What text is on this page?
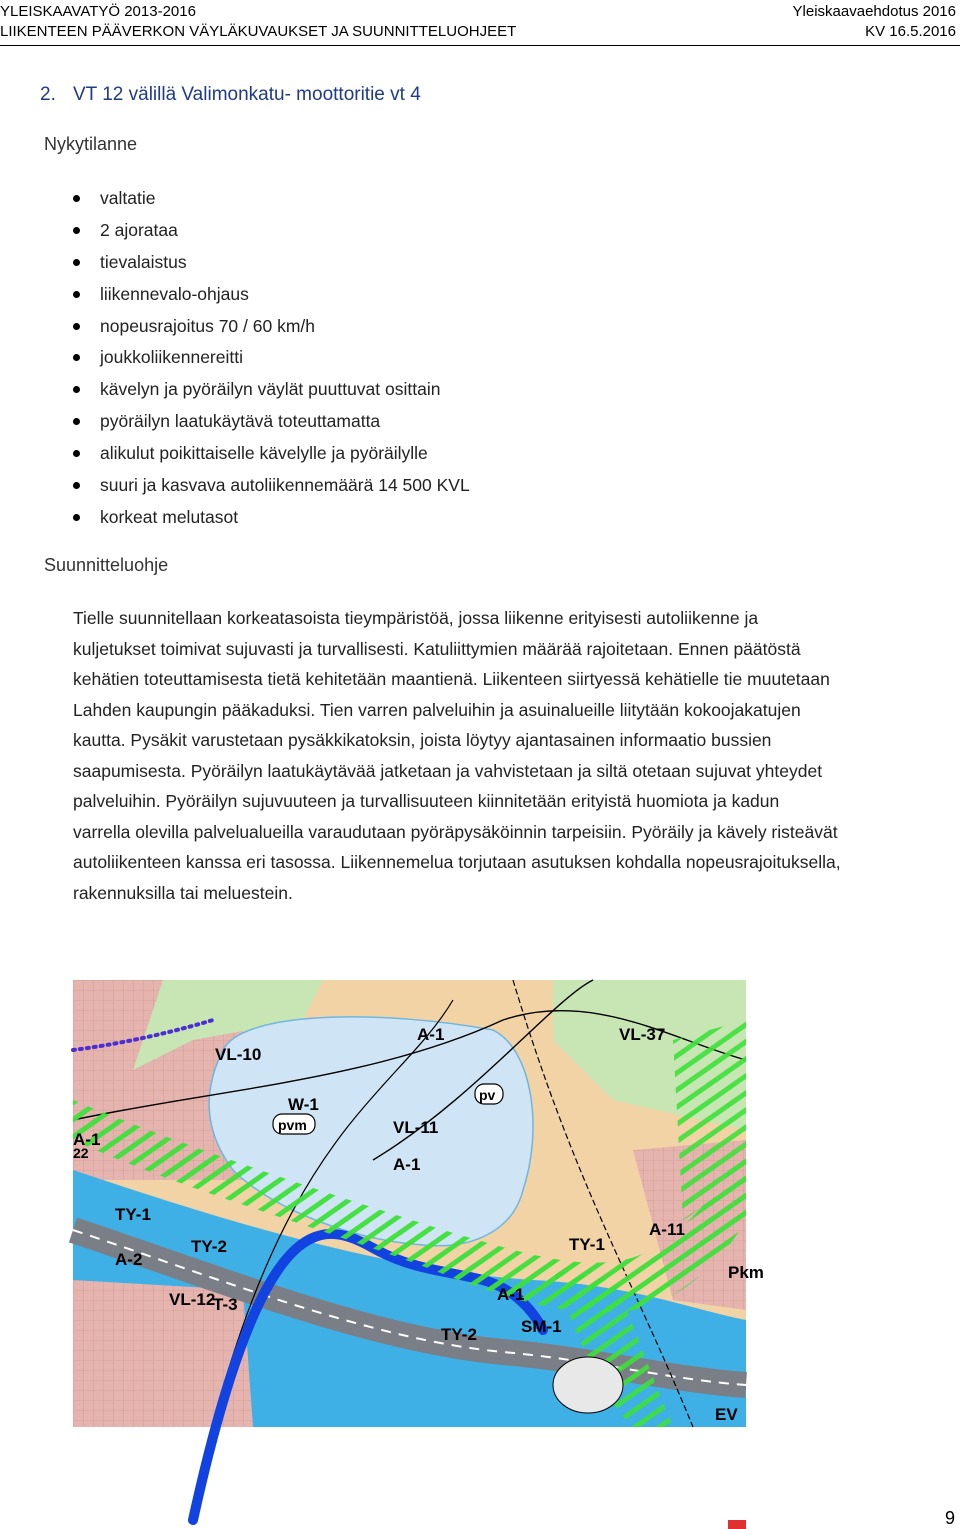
YLEISKAAVATYÖ 2013-2016
LIIKENTEEN PÄÄVERKON VÄYLÄKUVAUKSET JA SUUNNITTELUOHJEET
Yleiskaavaehdotus 2016
KV 16.5.2016
2. VT 12 välillä Valimonkatu- moottoritie vt 4
Nykytilanne
valtatie
2 ajorataa
tievalaistus
liikennevalo-ohjaus
nopeusrajoitus 70 / 60 km/h
joukkoliikennereitti
kävelyn ja pyöräilyn väylät puuttuvat osittain
pyöräilyn laatukäytävä toteuttamatta
alikulut poikittaiselle kävelylle ja pyöräilylle
suuri ja kasvava autoliikennemäärä 14 500 KVL
korkeat melutasot
Suunnitteluohje
Tielle suunnitellaan korkeatasoista tieympäristöä, jossa liikenne erityisesti autoliikenne ja
kuljetukset toimivat sujuvasti ja turvallisesti. Katuliittymien määrää rajoitetaan. Ennen päätöstä
kehätien toteuttamisesta tietä kehitetään maantienä. Liikenteen siirtyessä kehätielle tie muutetaan
Lahden kaupungin pääkaduksi. Tien varren palveluihin ja asuinalueille liitytään kokoojakatujen
kautta. Pysäkit varustetaan pysäkkikatoksin, joista löytyy ajantasainen informaatio bussien
saapumisesta. Pyöräilyn laatukäytävää jatketaan ja vahvistetaan ja siltä otetaan sujuvat yhteydet
palveluihin. Pyöräilyn sujuvuuteen ja turvallisuuteen kiinnitetään erityistä huomiota ja kadun
varrella olevilla palvelualueilla varaudutaan pyöräpysäköinnin tarpeisiin. Pyöräily ja kävely risteävät
autoliikenteen kanssa eri tasossa. Liikennemelua torjutaan asutuksen kohdalla nopeusrajoituksella,
rakennuksilla tai meluestein.
VL-10
A-1	VL-37
pv
W-1
VL-11
A-1
A-1
pvm
22
TY-1
TY-2
A-2
A-11
TY-1
Pkm
VL-12
T-3
A-1
TY-2	SM-1
EV
9
